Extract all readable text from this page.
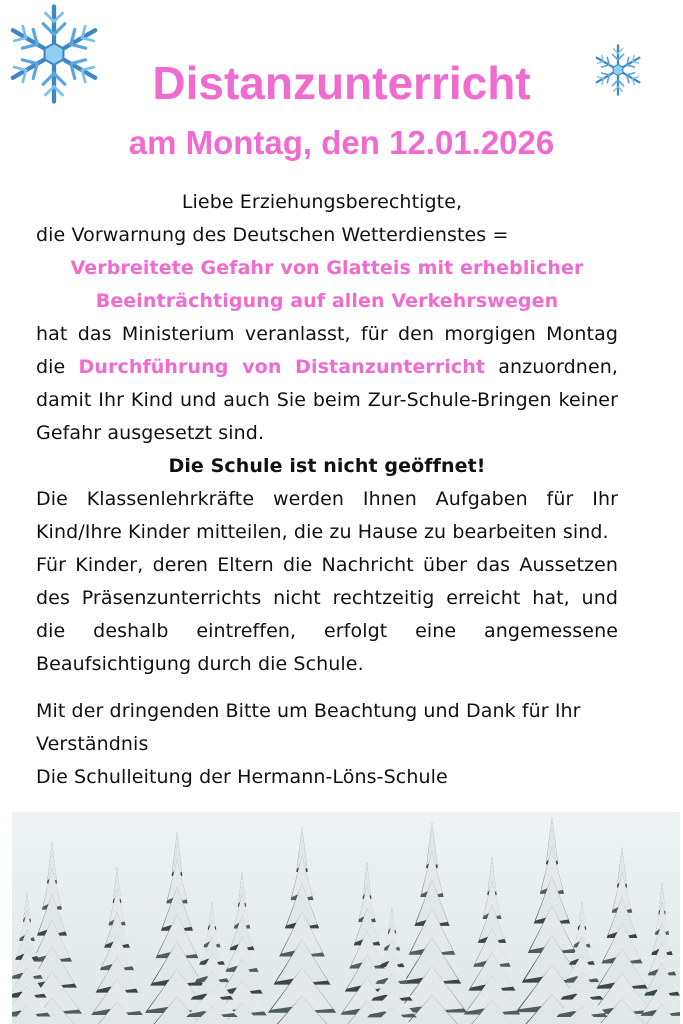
Distanzunterricht
am Montag, den 12.01.2026
Liebe Erziehungsberechtigte,
die Vorwarnung des Deutschen Wetterdienstes =
Verbreitete Gefahr von Glatteis mit erheblicher
Beeinträchtigung auf allen Verkehrswegen
hat das Ministerium veranlasst, für den morgigen Montag die Durchführung von Distanzunterricht anzuordnen, damit Ihr Kind und auch Sie beim Zur-Schule-Bringen keiner Gefahr ausgesetzt sind.
Die Schule ist nicht geöffnet!
Die Klassenlehrkräfte werden Ihnen Aufgaben für Ihr Kind/Ihre Kinder mitteilen, die zu Hause zu bearbeiten sind.
Für Kinder, deren Eltern die Nachricht über das Aussetzen des Präsenzunterrichts nicht rechtzeitig erreicht hat, und die deshalb eintreffen, erfolgt eine angemessene Beaufsichtigung durch die Schule.
Mit der dringenden Bitte um Beachtung und Dank für Ihr Verständnis
Die Schulleitung der Hermann-Löns-Schule
